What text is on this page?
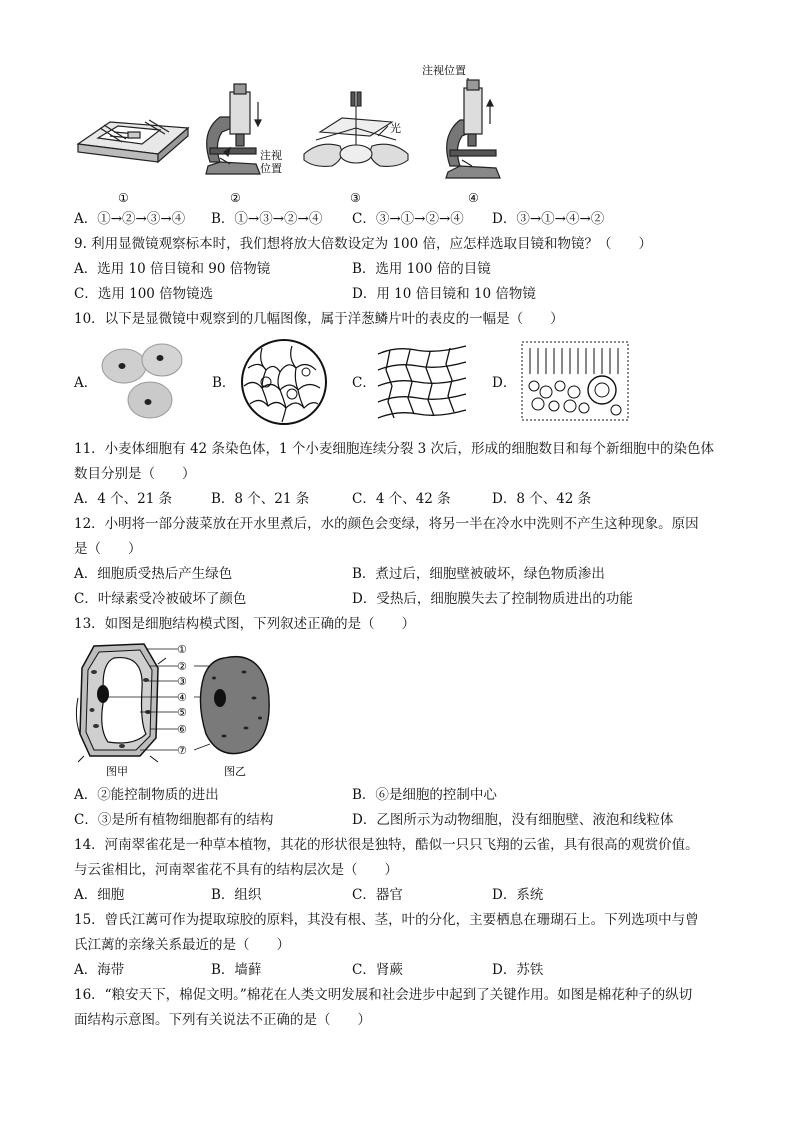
注视
位置
光
注视位置
①	②	③	④
A．①→②→③→④ B．①→③→②→④ C．③→①→②→④ D．③→①→④→②
9. 利用显微镜观察标本时，我们想将放大倍数设定为 100 倍，应怎样选取目镜和物镜？（　　）
A．选用 10 倍目镜和 90 倍物镜	B．选用 100 倍的目镜
C．选用 100 倍物镜选	D．用 10 倍目镜和 10 倍物镜
10．以下是显微镜中观察到的几幅图像，属于洋葱鳞片叶的表皮的一幅是（　　）
A．	B．	C．	D．
11．小麦体细胞有 42 条染色体，1 个小麦细胞连续分裂 3 次后，形成的细胞数目和每个新细胞中的染色体
数目分别是（　　）
A．4 个、21 条	B．8 个、21 条	C．4 个、42 条	D．8 个、42 条
12．小明将一部分菠菜放在开水里煮后，水的颜色会变绿，将另一半在冷水中洗则不产生这种现象。原因
是（　　）
A．细胞质受热后产生绿色	B．煮过后，细胞壁被破坏，绿色物质渗出
C．叶绿素受冷被破坏了颜色	D．受热后，细胞膜失去了控制物质进出的功能
13．如图是细胞结构模式图，下列叙述正确的是（　　）
①
②
③
④
⑤
⑥
⑦
图甲	图乙
A．②能控制物质的进出	B．⑥是细胞的控制中心
C．③是所有植物细胞都有的结构	D．乙图所示为动物细胞，没有细胞壁、液泡和线粒体
14．河南翠雀花是一种草本植物，其花的形状很是独特，酷似一只只飞翔的云雀，具有很高的观赏价值。
与云雀相比，河南翠雀花不具有的结构层次是（　　）
A．细胞	B．组织	C．器官	D．系统
15．曾氏江蓠可作为提取琼胶的原料，其没有根、茎，叶的分化，主要栖息在珊瑚石上。下列选项中与曾
氏江蓠的亲缘关系最近的是（　　）
A．海带	B．墙藓	C．肾蕨	D．苏铁
16．“粮安天下，棉促文明。”棉花在人类文明发展和社会进步中起到了关键作用。如图是棉花种子的纵切
面结构示意图。下列有关说法不正确的是（　　）
